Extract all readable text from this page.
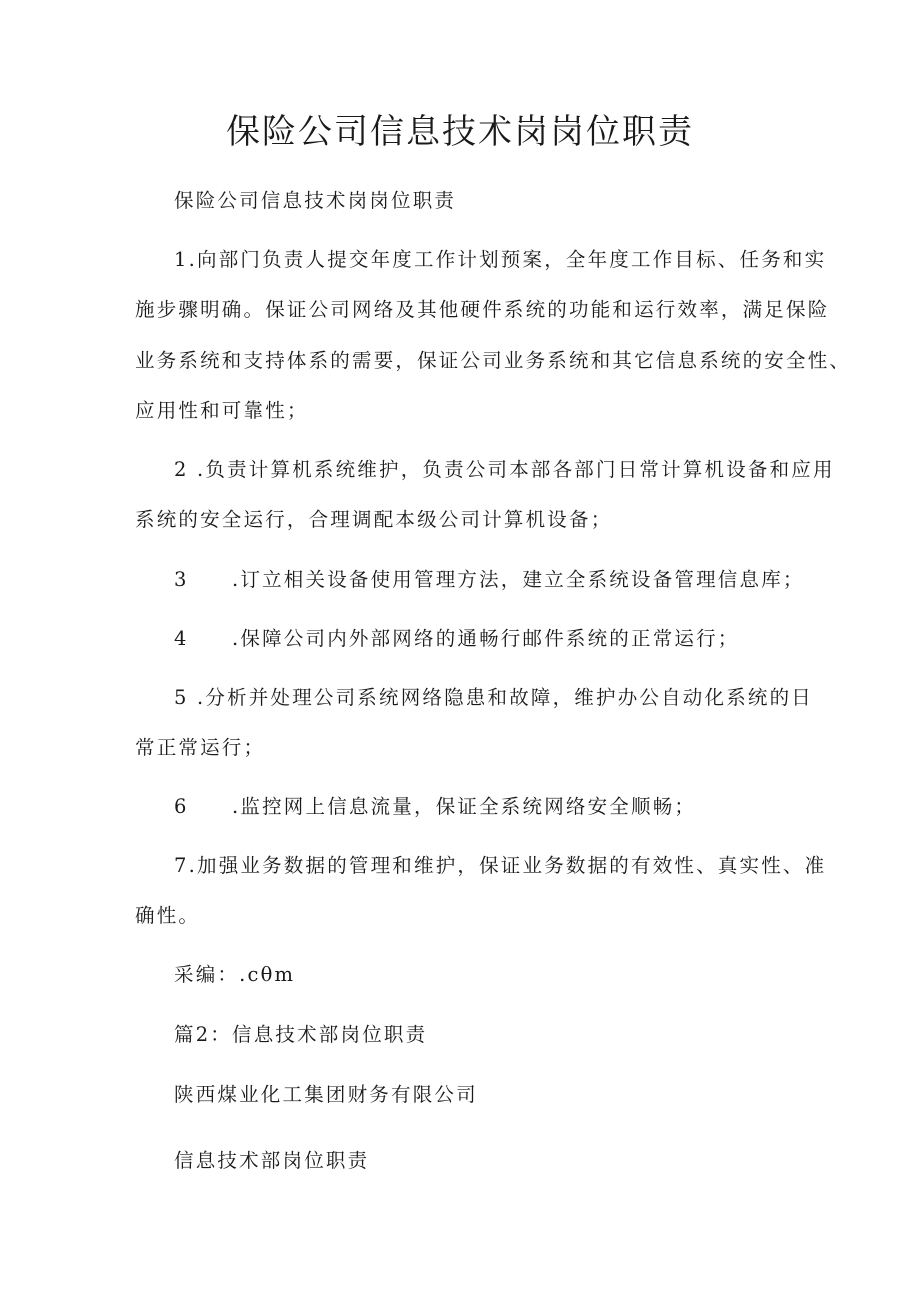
保险公司信息技术岗岗位职责
保险公司信息技术岗岗位职责
1.向部门负责人提交年度工作计划预案，全年度工作目标、任务和实
施步骤明确。保证公司网络及其他硬件系统的功能和运行效率，满足保险
业务系统和支持体系的需要，保证公司业务系统和其它信息系统的安全性、
应用性和可靠性；
2 .负责计算机系统维护，负责公司本部各部门日常计算机设备和应用
系统的安全运行，合理调配本级公司计算机设备；
3　　.订立相关设备使用管理方法，建立全系统设备管理信息库；
4　　.保障公司内外部网络的通畅行邮件系统的正常运行；
5 .分析并处理公司系统网络隐患和故障，维护办公自动化系统的日
常正常运行；
6　　.监控网上信息流量，保证全系统网络安全顺畅；
7.加强业务数据的管理和维护，保证业务数据的有效性、真实性、准
确性。
采编：.cθm
篇2：信息技术部岗位职责
陕西煤业化工集团财务有限公司
信息技术部岗位职责
